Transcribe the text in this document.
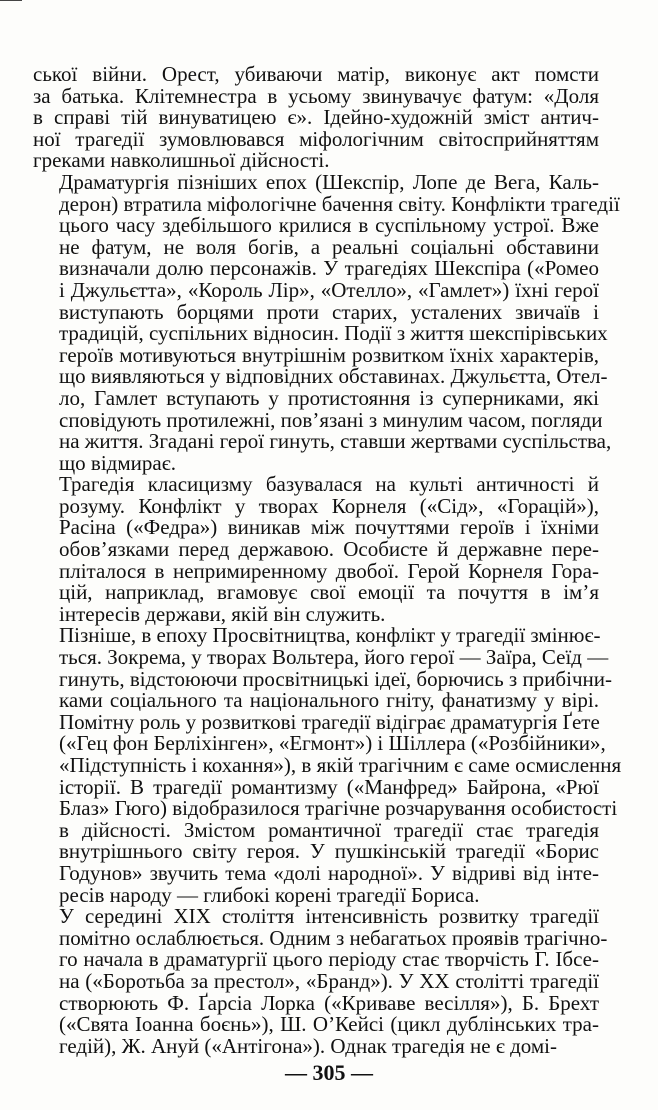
ської війни. Орест, убиваючи матір, виконує акт помсти
за батька. Клітемнестра в усьому звинувачує фатум: «Доля
в справі тій винуватицею є». Ідейно-художній зміст антич-
ної трагедії зумовлювався міфологічним світосприйняттям
греками навколишньої дійсності.

Драматургія пізніших епох (Шекспір, Лопе де Вега, Каль-
дерон) втратила міфологічне бачення світу. Конфлікти трагедії
цього часу здебільшого крилися в суспільному устрої. Вже
не фатум, не воля богів, а реальні соціальні обставини
визначали долю персонажів. У трагедіях Шекспіра («Ромео
і Джульєтта», «Король Лір», «Отелло», «Гамлет») їхні герої
виступають борцями проти старих, усталених звичаїв і
традицій, суспільних відносин. Події з життя шекспірівських
героїв мотивуються внутрішнім розвитком їхніх характерів,
що виявляються у відповідних обставинах. Джульєтта, Отел-
ло, Гамлет вступають у протистояння із суперниками, які
сповідують протилежні, пов’язані з минулим часом, погляди
на життя. Згадані герої гинуть, ставши жертвами суспільства,
що відмирає.

Трагедія класицизму базувалася на культі античності й
розуму. Конфлікт у творах Корнеля («Сід», «Горацій»),
Расіна («Федра») виникав між почуттями героїв і їхніми
обов’язками перед державою. Особисте й державне пере-
пліталося в непримиренному двобої. Герой Корнеля Гора-
цій, наприклад, вгамовує свої емоції та почуття в ім’я
інтересів держави, якій він служить.

Пізніше, в епоху Просвітництва, конфлікт у трагедії змінює-
ться. Зокрема, у творах Вольтера, його герої — Заїра, Сеїд —
гинуть, відстоюючи просвітницькі ідеї, борючись з прибічни-
ками соціального та національного гніту, фанатизму у вірі.
Помітну роль у розвиткові трагедії відіграє драматургія Ґете
(«Гец фон Берліхінген», «Егмонт») і Шіллера («Розбійники»,
«Підступність і кохання»), в якій трагічним є саме осмислення
історії. В трагедії романтизму («Манфред» Байрона, «Рюї
Блаз» Гюго) відобразилося трагічне розчарування особистості
в дійсності. Змістом романтичної трагедії стає трагедія
внутрішнього світу героя. У пушкінській трагедії «Борис
Годунов» звучить тема «долі народної». У відриві від інте-
ресів народу — глибокі корені трагедії Бориса.

У середині XIX століття інтенсивність розвитку трагедії
помітно ослаблюється. Одним з небагатьох проявів трагічно-
го начала в драматургії цього періоду стає творчість Г. Ібсе-
на («Боротьба за престол», «Бранд»). У XX столітті трагедії
створюють Ф. Ґарсіа Лорка («Криваве весілля»), Б. Брехт
(«Свята Іоанна боєнь»), Ш. О’Кейсі (цикл дублінських тра-
гедій), Ж. Ануй («Антігона»). Однак трагедія не є домі-

— 305 —
